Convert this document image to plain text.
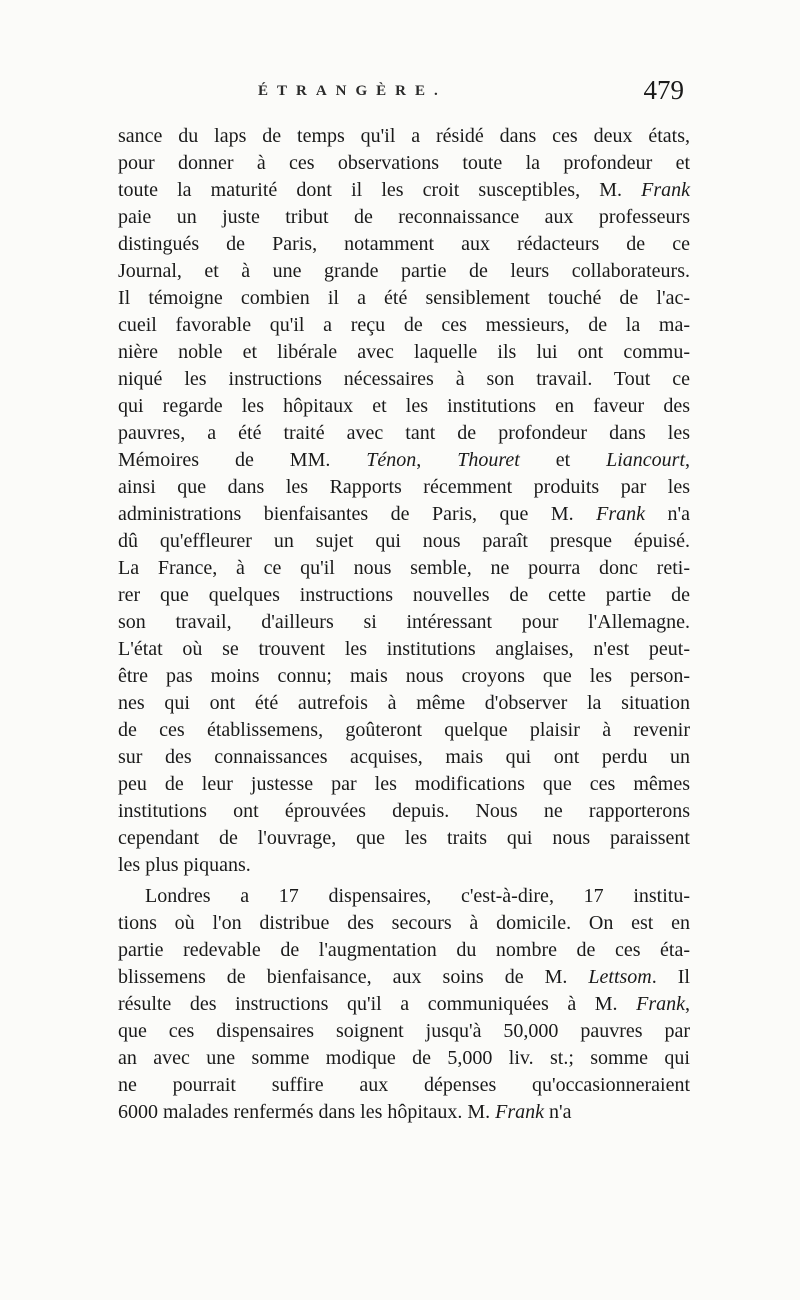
ÉTRANGÈRE.	479
sance du laps de temps qu'il a résidé dans ces deux états,
pour donner à ces observations toute la profondeur et
toute la maturité dont il les croit susceptibles, M. Frank
paie un juste tribut de reconnaissance aux professeurs
distingués de Paris, notamment aux rédacteurs de ce
Journal, et à une grande partie de leurs collaborateurs.
Il témoigne combien il a été sensiblement touché de l'ac-
cueil favorable qu'il a reçu de ces messieurs, de la ma-
nière noble et libérale avec laquelle ils lui ont commu-
niqué les instructions nécessaires à son travail. Tout ce
qui regarde les hôpitaux et les institutions en faveur des
pauvres, a été traité avec tant de profondeur dans les
Mémoires de MM. Ténon, Thouret et Liancourt,
ainsi que dans les Rapports récemment produits par les
administrations bienfaisantes de Paris, que M. Frank n'a
dû qu'effleurer un sujet qui nous paraît presque épuisé.
La France, à ce qu'il nous semble, ne pourra donc reti-
rer que quelques instructions nouvelles de cette partie de
son travail, d'ailleurs si intéressant pour l'Allemagne.
L'état où se trouvent les institutions anglaises, n'est peut-
être pas moins connu; mais nous croyons que les person-
nes qui ont été autrefois à même d'observer la situation
de ces établissemens, goûteront quelque plaisir à revenir
sur des connaissances acquises, mais qui ont perdu un
peu de leur justesse par les modifications que ces mêmes
institutions ont éprouvées depuis. Nous ne rapporterons
cependant de l'ouvrage, que les traits qui nous paraissent
les plus piquans.
Londres a 17 dispensaires, c'est-à-dire, 17 institu-
tions où l'on distribue des secours à domicile. On est en
partie redevable de l'augmentation du nombre de ces éta-
blissemens de bienfaisance, aux soins de M. Lettsom. Il
résulte des instructions qu'il a communiquées à M. Frank,
que ces dispensaires soignent jusqu'à 50,000 pauvres par
an avec une somme modique de 5,000 liv. st.; somme qui
ne pourrait suffire aux dépenses qu'occasionneraient
6000 malades renfermés dans les hôpitaux. M. Frank n'a
